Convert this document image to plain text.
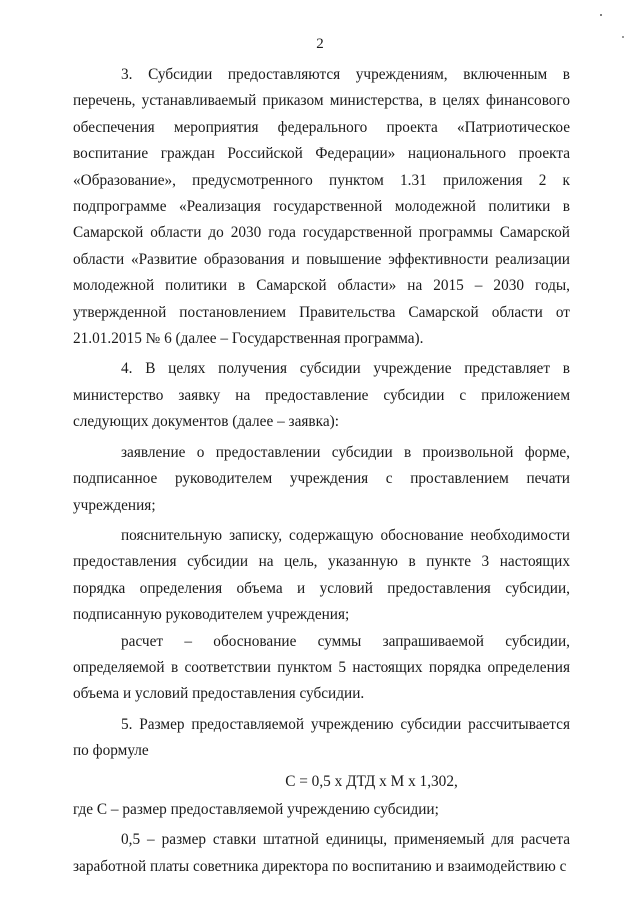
2

3. Субсидии предоставляются учреждениям, включенным в перечень, устанавливаемый приказом министерства, в целях финансового обеспечения мероприятия федерального проекта «Патриотическое воспитание граждан Российской Федерации» национального проекта «Образование», предусмотренного пунктом 1.31 приложения 2 к подпрограмме «Реализация государственной молодежной политики в Самарской области до 2030 года государственной программы Самарской области «Развитие образования и повышение эффективности реализации молодежной политики в Самарской области» на 2015 – 2030 годы, утвержденной постановлением Правительства Самарской области от 21.01.2015 № 6 (далее – Государственная программа).

4. В целях получения субсидии учреждение представляет в министерство заявку на предоставление субсидии с приложением следующих документов (далее – заявка):

заявление о предоставлении субсидии в произвольной форме, подписанное руководителем учреждения с проставлением печати учреждения;

пояснительную записку, содержащую обоснование необходимости предоставления субсидии на цель, указанную в пункте 3 настоящих порядка определения объема и условий предоставления субсидии, подписанную руководителем учреждения;

расчет – обоснование суммы запрашиваемой субсидии, определяемой в соответствии пунктом 5 настоящих порядка определения объема и условий предоставления субсидии.

5. Размер предоставляемой учреждению субсидии рассчитывается по формуле

С = 0,5 х ДТД х М х 1,302,

где С – размер предоставляемой учреждению субсидии;

0,5 – размер ставки штатной единицы, применяемый для расчета заработной платы советника директора по воспитанию и взаимодействию с
